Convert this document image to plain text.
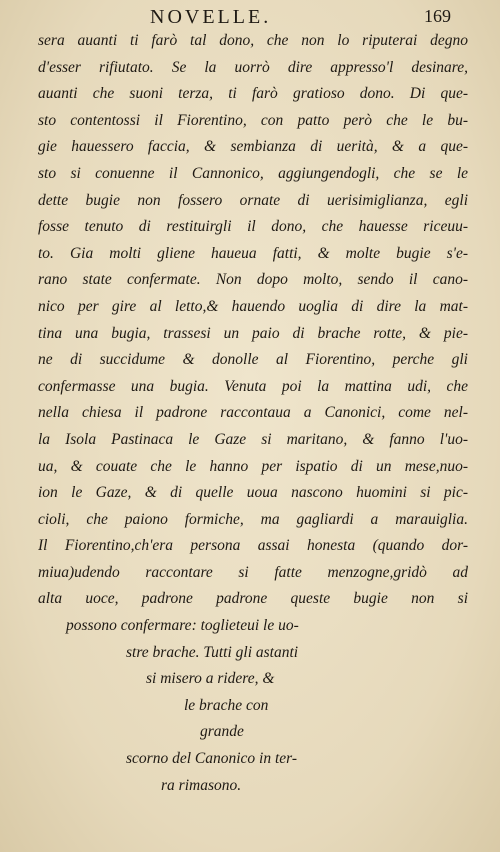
NOVELLE.	169
sera auanti ti farò tal dono, che non lo riputerai degno
d'esser rifiutato. Se la uorrò dire appresso'l desinare,
auanti che suoni terza, ti farò gratioso dono. Di que-
sto contentossi il Fiorentino, con patto però che le bu-
gie hauessero faccia, & sembianza di uerità, & a que-
sto si conuenne il Cannonico, aggiungendogli, che se le
dette bugie non fossero ornate di uerisimiglianza, egli
fosse tenuto di restituirgli il dono, che hauesse riceuu-
to. Gia molti gliene haueua fatti, & molte bugie s'e-
rano state confermate. Non dopo molto, sendo il cano-
nico per gire al letto,& hauendo uoglia di dire la mat-
tina una bugia, trassesi un paio di brache rotte, & pie-
ne di succidume & donolle al Fiorentino, perche gli
confermasse una bugia. Venuta poi la mattina udi, che
nella chiesa il padrone raccontaua a Canonici, come nel-
la Isola Pastinaca le Gaze si maritano, & fanno l'uo-
ua, & couate che le hanno per ispatio di un mese,nuo-
ion le Gaze, & di quelle uoua nascono huomini si pic-
cioli, che paiono formiche, ma gagliardi a marauiglia.
Il Fiorentino,ch'era persona assai honesta (quando dor-
miua)udendo raccontare si fatte menzogne,gridò ad
alta uoce, padrone padrone queste bugie non si
possono confermare: toglieteui le uo-
stre brache. Tutti gli astanti
si misero a ridere, &
le brache con
grande
scorno del Canonico in ter-
ra rimasono.
